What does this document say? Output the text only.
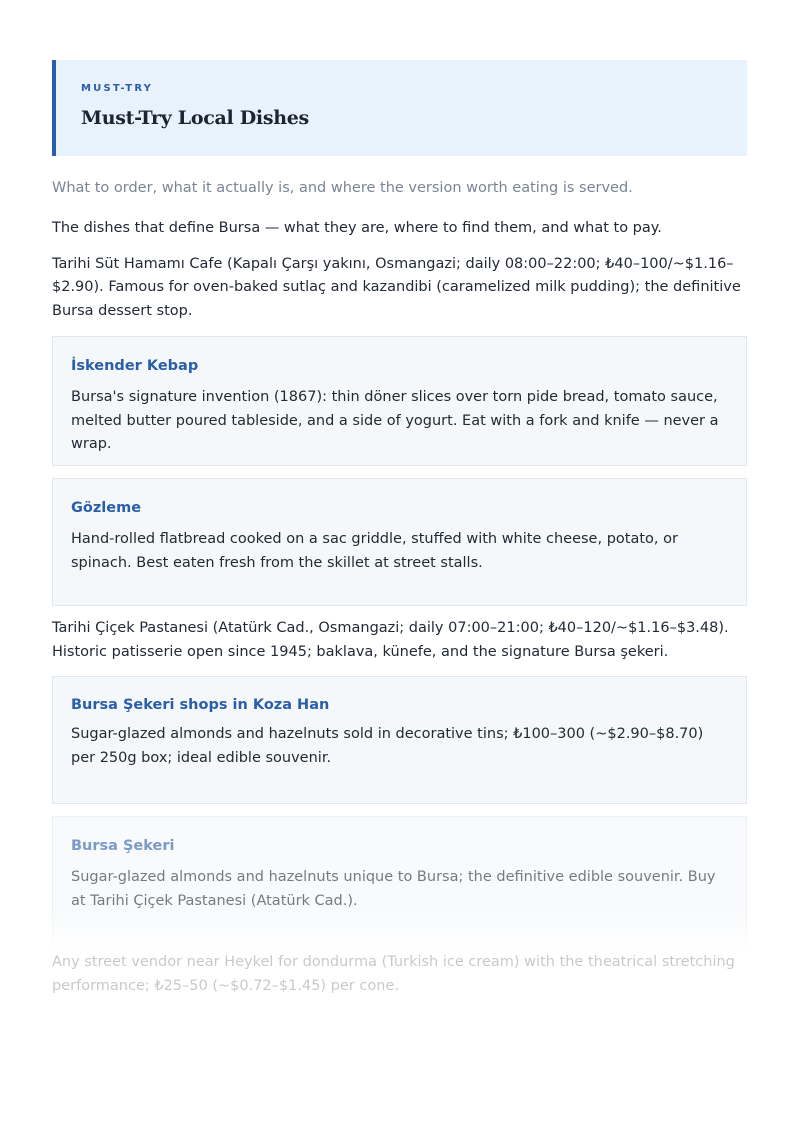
MUST-TRY
Must-Try Local Dishes
What to order, what it actually is, and where the version worth eating is served.
The dishes that define Bursa — what they are, where to find them, and what to pay.
Tarihi Süt Hamamı Cafe (Kapalı Çarşı yakını, Osmangazi; daily 08:00–22:00; ₺40–100/~$1.16–$2.90). Famous for oven-baked sutlaç and kazandibi (caramelized milk pudding); the definitive Bursa dessert stop.
İskender Kebap
Bursa's signature invention (1867): thin döner slices over torn pide bread, tomato sauce, melted butter poured tableside, and a side of yogurt. Eat with a fork and knife — never a wrap.
Gözleme
Hand-rolled flatbread cooked on a sac griddle, stuffed with white cheese, potato, or spinach. Best eaten fresh from the skillet at street stalls.
Tarihi Çiçek Pastanesi (Atatürk Cad., Osmangazi; daily 07:00–21:00; ₺40–120/~$1.16–$3.48). Historic patisserie open since 1945; baklava, künefe, and the signature Bursa şekeri.
Bursa Şekeri shops in Koza Han
Sugar-glazed almonds and hazelnuts sold in decorative tins; ₺100–300 (~$2.90–$8.70) per 250g box; ideal edible souvenir.
Bursa Şekeri
Sugar-glazed almonds and hazelnuts unique to Bursa; the definitive edible souvenir. Buy at Tarihi Çiçek Pastanesi (Atatürk Cad.).
Any street vendor near Heykel for dondurma (Turkish ice cream) with the theatrical stretching performance; ₺25–50 (~$0.72–$1.45) per cone.
